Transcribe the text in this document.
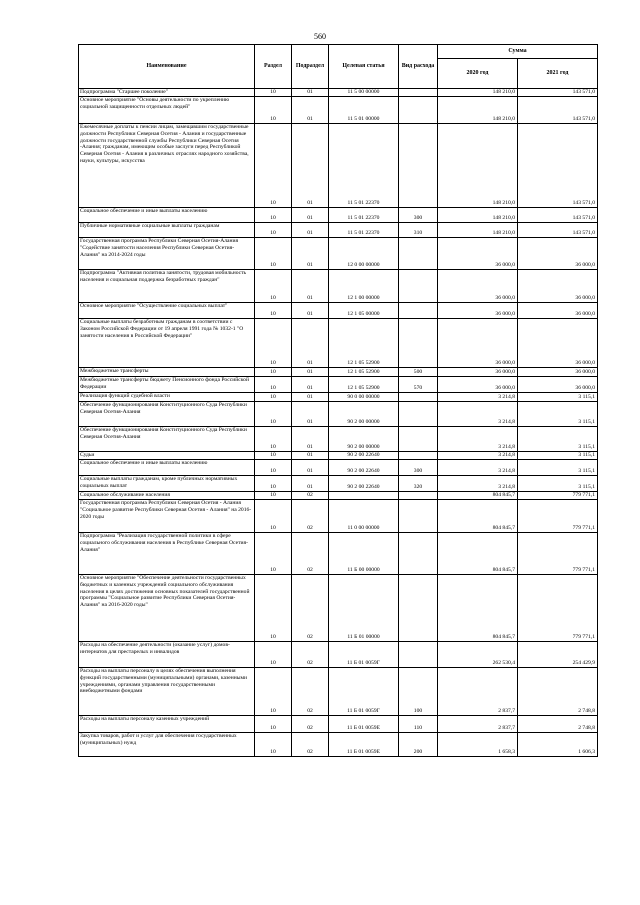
560
Наименование	Раздел	Подраздел	Целевая статья	Вид расхода	Сумма	
					2020 год	2021 год
Подпрограмма "Старшее поколение"	10	01	11 5 00 00000		148 210,0	143 571,0
Основное мероприятие "Основы деятельности по укреплению социальной защищенности отдельных людей"	10	01	11 5 01 00000		148 210,0	143 571,0
Ежемесячные доплаты к пенсии лицам, замещавшим государственные должности Республики Северная Осетия - Алания и государственные должности государственной службы Республики Северная Осетия -Алания; гражданам, имеющим особые заслуги перед Республикой Северная Осетия - Алания в различных отраслях народного хозяйства, науки, культуры, искусства	10	01	11 5 01 22370		148 210,0	143 571,0
Социальное обеспечение и иные выплаты населению	10	01	11 5 01 22370	300	148 210,0	143 571,0
Публичные нормативные социальные выплаты гражданам	10	01	11 5 01 22370	310	148 210,0	143 571,0
Государственная программа Республики Северная Осетия-Алания "Содействие занятости населения Республики Северная Осетия-Алания" на 2014-2024 годы	10	01	12 0 00 00000		36 000,0	36 000,0
Подпрограмма "Активная политика занятости, трудовая мобильность населения и социальная поддержка безработных граждан"	10	01	12 1 00 00000		36 000,0	36 000,0
Основное мероприятие "Осуществление социальных выплат"	10	01	12 1 05 00000		36 000,0	36 000,0
Социальные выплаты безработным гражданам в соответствии с Законом Российской Федерации от 19 апреля 1991 года № 1032-1 "О занятости населения в Российской Федерации"	10	01	12 1 05 52900		36 000,0	36 000,0
Межбюджетные трансферты	10	01	12 1 05 52900	500	36 000,0	36 000,0
Межбюджетные трансферты бюджету Пенсионного фонда Российской Федерации	10	01	12 1 05 52900	570	36 000,0	36 000,0
Реализация функций судебной власти	10	01	90 0 00 00000		3 214,8	3 115,1
Обеспечение функционирования Конституционного Суда Республики Северная Осетия-Алания	10	01	90 2 00 00000		3 214,8	3 115,1
Обеспечение функционирования Конституционного Суда Республики Северная Осетия-Алания	10	01	90 2 00 00000		3 214,8	3 115,1
Судьи	10	01	90 2 00 22640		3 214,8	3 115,1
Социальное обеспечение и иные выплаты населению	10	01	90 2 00 22640	300	3 214,8	3 115,1
Социальные выплаты гражданам, кроме публичных нормативных социальных выплат	10	01	90 2 00 22640	320	3 214,8	3 115,1
Социальное обслуживание населения	10	02			804 845,7	779 771,1
Государственная программа Республики Северная Осетия - Алания "Социальное развитие Республики Северная Осетия - Алания" на 2016-2020 годы	10	02	11 0 00 00000		804 845,7	779 771,1
Подпрограмма "Реализация государственной политики в сфере социального обслуживания населения в Республике Северная Осетия-Алания"	10	02	11 Б 00 00000		804 845,7	779 771,1
Основное мероприятие "Обеспечение деятельности государственных бюджетных и казенных учреждений социального обслуживания населения в целях достижения основных показателей государственной программы "Социальное развитие Республики Северная Осетия-Алания" на 2016-2020 годы"	10	02	11 Б 01 00000		804 845,7	779 771,1
Расходы на обеспечение деятельности (оказание услуг) домов-интернатов для престарелых и инвалидов	10	02	11 Б 01 0059Г		262 530,4	254 429,9
Расходы на выплаты персоналу в целях обеспечения выполнения функций государственными (муниципальными) органами, казенными учреждениями, органами управления государственными внебюджетными фондами	10	02	11 Б 01 0059Г	100	2 837,7	2 748,8
Расходы на выплаты персоналу казенных учреждений	10	02	11 Б 01 0059Е	110	2 837,7	2 748,8
Закупка товаров, работ и услуг для обеспечения государственных (муниципальных) нужд	10	02	11 Б 01 0059Е	200	1 658,3	1 606,3
